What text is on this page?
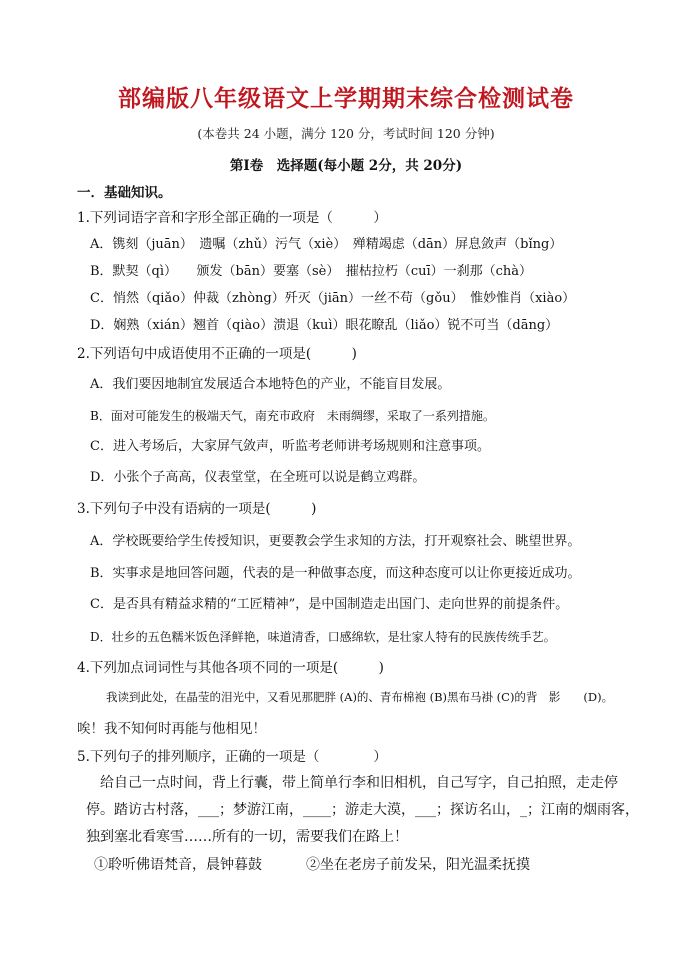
部编版八年级语文上学期期末综合检测试卷
(本卷共 24 小题，满分 120 分，考试时间 120 分钟)
第Ⅰ卷　选择题(每小题 2分，共 20分)
一．基础知识。
1.下列词语字音和字形全部正确的一项是（　　　）
A．镌刻（juān）　遗嘱（zhǔ）污气（xiè）　殚精竭虑（dān）屏息敛声（bǐng）
B．默契（qì）　　颁发（bān）要塞（sè）　摧枯拉朽（cuī）一刹那（chà）
C．悄然（qiǎo）仲裁（zhòng）歼灭（jiān）一丝不苟（gǒu）　惟妙惟肖（xiào）
D．娴熟（xián）翘首（qiào）溃退（kuì）眼花瞭乱（liǎo）锐不可当（dāng）
2.下列语句中成语使用不正确的一项是(　　　)
A．我们要因地制宜发展适合本地特色的产业，不能盲目发展。
B．面对可能发生的极端天气，南充市政府　未雨绸缪，采取了一系列措施。
C．进入考场后，大家屏气敛声，听监考老师讲考场规则和注意事项。
D．小张个子高高，仪表堂堂，在全班可以说是鹤立鸡群。
3.下列句子中没有语病的一项是(　　　)
A．学校既要给学生传授知识，更要教会学生求知的方法，打开观察社会、眺望世界。
B．实事求是地回答问题，代表的是一种做事态度，而这种态度可以让你更接近成功。
C．是否具有精益求精的“工匠精神”，是中国制造走出国门、走向世界的前提条件。
D．壮乡的五色糯米饭色泽鲜艳，味道清香，口感绵软，是壮家人特有的民族传统手艺。
4.下列加点词词性与其他各项不同的一项是(　　　)
我读到此处，在晶莹的泪光中，又看见那肥胖 (A)的、青布棉袍 (B)黑布马褂 (C)的背　影　　(D)。
唉！我不知何时再能与他相见！
5.下列句子的排列顺序，正确的一项是（　　　　）
　给自己一点时间，背上行囊，带上简单行李和旧相机，自己写字，自己拍照，走走停
停。踏访古村落，___；梦游江南，____；游走大漠，___；探访名山，_；江南的烟雨客，
独到塞北看寒雪……所有的一切，需要我们在路上！
①聆听佛语梵音，晨钟暮鼓	②坐在老房子前发呆，阳光温柔抚摸
